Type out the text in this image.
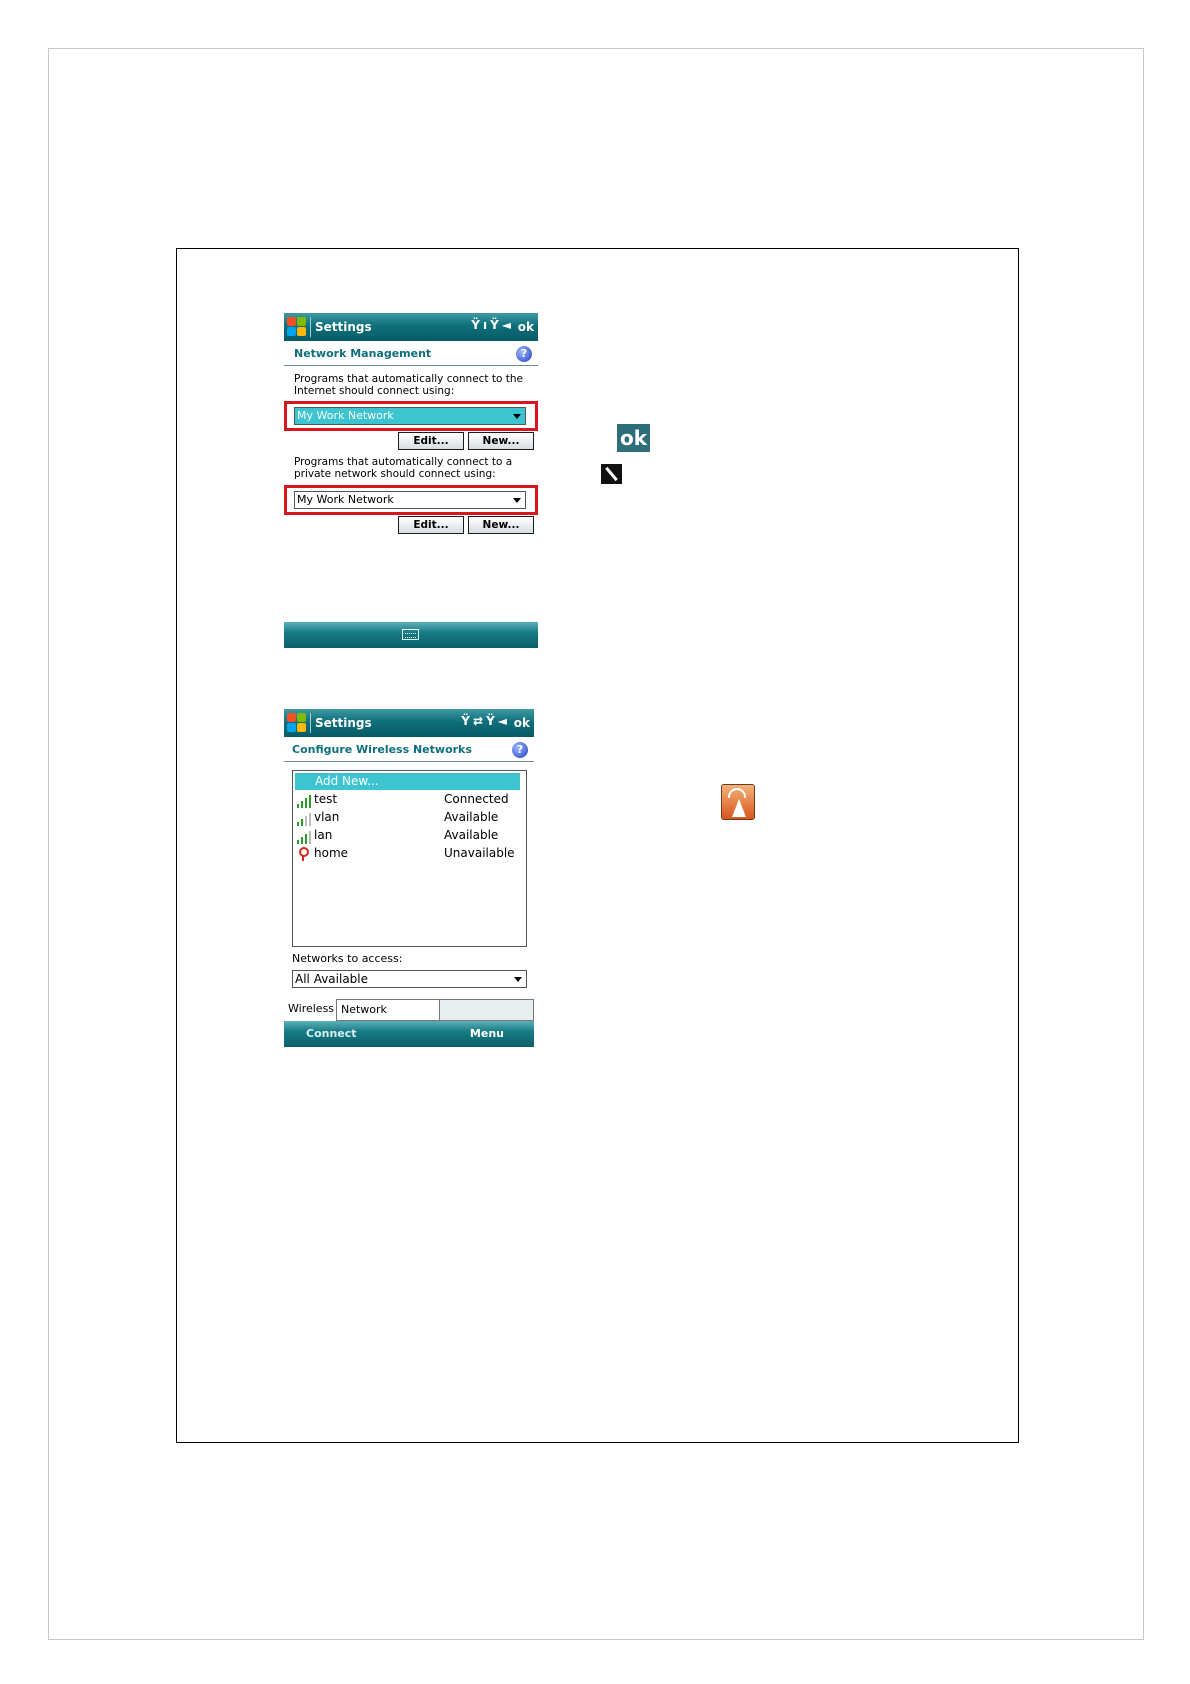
Settings	ŸıŸ◄ ok
Network Management	?
Programs that automatically connect to the
Internet should connect using:
My Work Network
Edit...	New...
Programs that automatically connect to a
private network should connect using:
My Work Network
Edit...	New...
Settings	Ÿ⇄Ÿ◄ ok
Configure Wireless Networks	?
Add New...
test	Connected
vlan	Available
lan	Available
home	Unavailable
Networks to access:
All Available
Wireless Network
Connect	Menu
ok
